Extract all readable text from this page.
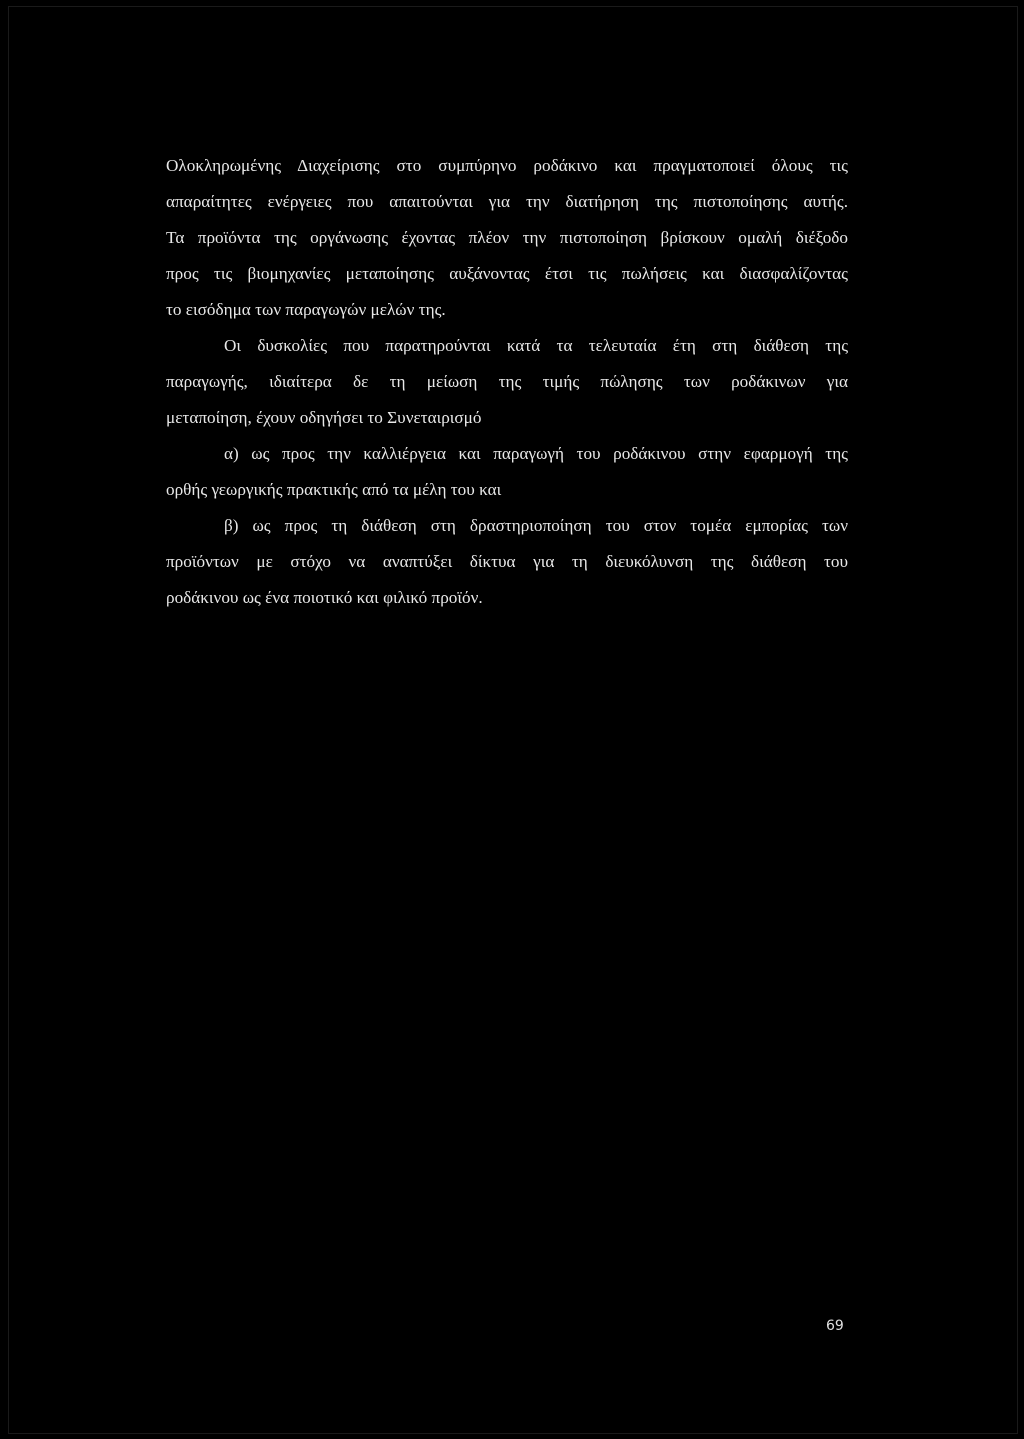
Ολοκληρωμένης Διαχείρισης στο συμπύρηνο ροδάκινο και πραγματοποιεί όλους τις
απαραίτητες ενέργειες που απαιτούνται για την διατήρηση της πιστοποίησης αυτής.
Τα προϊόντα της οργάνωσης έχοντας πλέον την πιστοποίηση βρίσκουν ομαλή διέξοδο
προς τις βιομηχανίες μεταποίησης αυξάνοντας έτσι τις πωλήσεις και διασφαλίζοντας
το εισόδημα των παραγωγών μελών της.
Οι δυσκολίες που παρατηρούνται κατά τα τελευταία έτη στη διάθεση της
παραγωγής, ιδιαίτερα δε τη μείωση της τιμής πώλησης των ροδάκινων για
μεταποίηση, έχουν οδηγήσει το Συνεταιρισμό
α) ως προς την καλλιέργεια και παραγωγή του ροδάκινου στην εφαρμογή της
ορθής γεωργικής πρακτικής από τα μέλη του και
β) ως προς τη διάθεση στη δραστηριοποίηση του στον τομέα εμπορίας των
προϊόντων με στόχο να αναπτύξει δίκτυα για τη διευκόλυνση της διάθεση του
ροδάκινου ως ένα ποιοτικό και φιλικό προϊόν.
69
